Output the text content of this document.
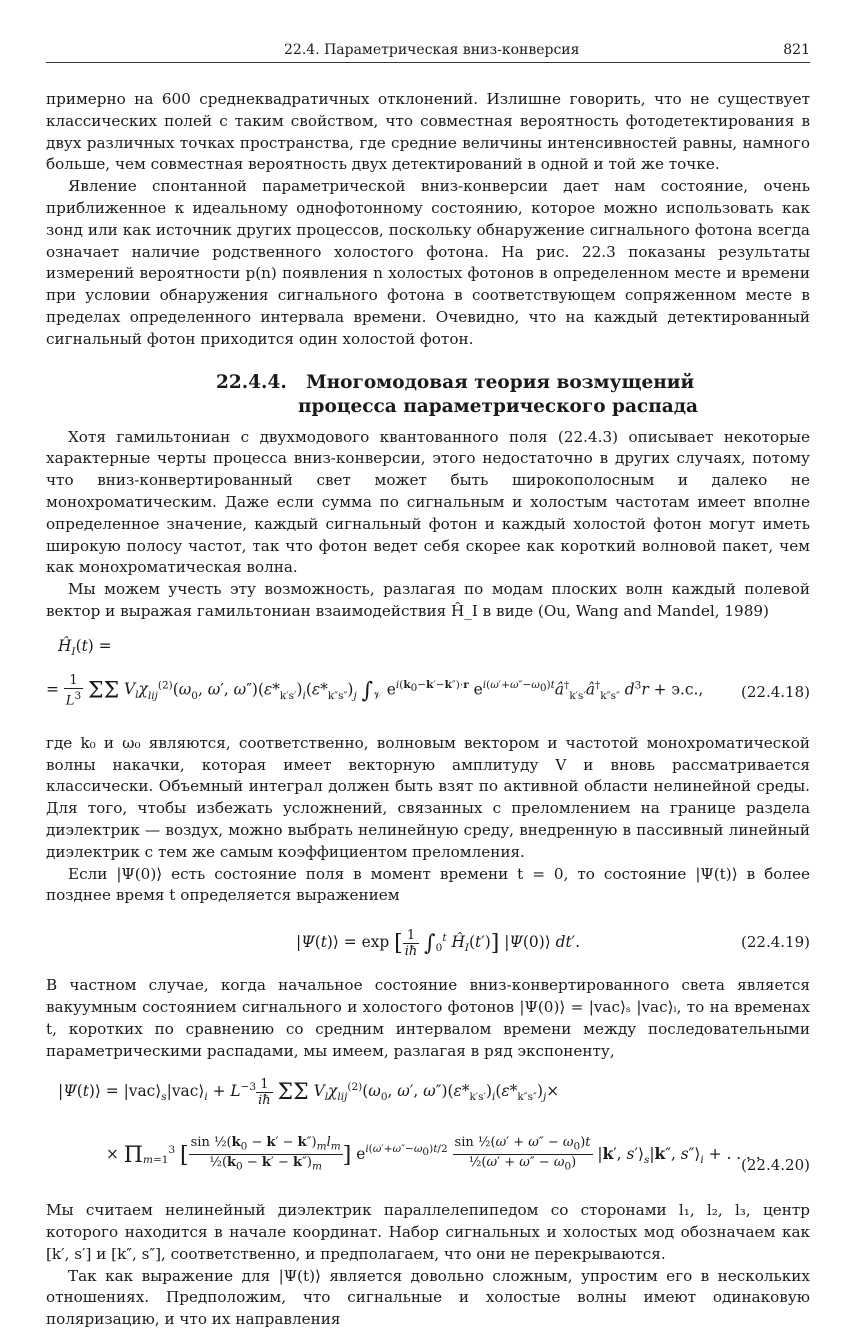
22.4. Параметрическая вниз-конверсия	821

примерно на 600 среднеквадратичных отклонений. Излишне говорить, что не существует классических полей с таким свойством, что совместная вероятность фотодетектирования в двух различных точках пространства, где средние величины интенсивностей равны, намного больше, чем совместная вероятность двух детектирований в одной и той же точке.

Явление спонтанной параметрической вниз-конверсии дает нам состояние, очень приближенное к идеальному однофотонному состоянию, которое можно использовать как зонд или как источник других процессов, поскольку обнаружение сигнального фотона всегда означает наличие родственного холостого фотона. На рис. 22.3 показаны результаты измерений вероятности p(n) появления n холостых фотонов в определенном месте и времени при условии обнаружения сигнального фотона в соответствующем сопряженном месте в пределах определенного интервала времени. Очевидно, что на каждый детектированный сигнальный фотон приходится один холостой фотон.

22.4.4. Многомодовая теория возмущений
процесса параметрического распада

Хотя гамильтониан с двухмодового квантованного поля (22.4.3) описывает некоторые характерные черты процесса вниз-конверсии, этого недостаточно в других случаях, потому что вниз-конвертированный свет может быть широкополосным и далеко не монохроматическим. Даже если сумма по сигнальным и холостым частотам имеет вполне определенное значение, каждый сигнальный фотон и каждый холостой фотон могут иметь широкую полосу частот, так что фотон ведет себя скорее как короткий волновой пакет, чем как монохроматическая волна.

Мы можем учесть эту возможность, разлагая по модам плоских волн каждый полевой вектор и выражая гамильтониан взаимодействия Ĥ_I в виде (Ou, Wang and Mandel, 1989)

$Ĥ_I(t)$ =
= $\frac{1}{L^3}$ ΣΣ $V_l\chi_{lij}^{(2)}(\omega_0$, ω′, $\omega'')(\varepsilon*_{k's'})_i(\varepsilon*_{k''s''})_j$ $\int_𝒱$ $e^{i(k_0-k'-k'')\cdot r}$ $e^{i(\omega'+\omega''-\omega_0)t}â^\dagger_{k's'}â^\dagger_{k''s''}$ $d^3r + э.с$.,	(22.4.18)

где k₀ и ω₀ являются, соответственно, волновым вектором и частотой монохроматической волны накачки, которая имеет векторную амплитуду V и вновь рассматривается классически. Объемный интеграл должен быть взят по активной области нелинейной среды. Для того, чтобы избежать усложнений, связанных с преломлением на границе раздела диэлектрик — воздух, можно выбрать нелинейную среду, внедренную в пассивный линейный диэлектрик с тем же самым коэффициентом преломления.

Если |Ψ(0)⟩ есть состояние поля в момент времени t = 0, то состояние |Ψ(t)⟩ в более позднее время t определяется выражением

|Ψ(t)⟩ = exp [ $\frac{1}{iħ} \int_0^t$ $Ĥ_I(t')$] |Ψ(0)⟩ dt′.	(22.4.19)

В частном случае, когда начальное состояние вниз-конвертированного света является вакуумным состоянием сигнального и холостого фотонов |Ψ(0)⟩ = |vac⟩ₛ |vac⟩ᵢ, то на временах t, коротких по сравнению со средним интервалом времени между последовательными параметрическими распадами, мы имеем, разлагая в ряд экспоненту,

|Ψ(t)⟩ = $|vac⟩_s|vac⟩_i + L^{-3} \frac{1}{iħ}$ ΣΣ $V_l\chi_{lij}^{(2)}(\omega_0$, ω′, $\omega'')(\varepsilon*_{k's'})_i(\varepsilon*_{k''s''})_j\times$
× $\Pi_{m=1}^3$ [ $\frac{\sin \frac{1}{2}(k_0 - k' - k'')_ml_m}{\frac{1}{2}(k_0 - k' - k'')_m}$ ] $e^{i(\omega'+\omega''-\omega_0)t/2} \frac{\sin \frac{1}{2}(\omega' + \omega'' - \omega_0)t}{\frac{1}{2}(\omega' + \omega'' - \omega_0)} |k'$, $s'⟩_s|k''$, $s''⟩_i$ + . . . .
(22.4.20)

Мы считаем нелинейный диэлектрик параллелепипедом со сторонами l₁, l₂, l₃, центр которого находится в начале координат. Набор сигнальных и холостых мод обозначаем как [k′, s′] и [k″, s″], соответственно, и предполагаем, что они не перекрываются.

Так как выражение для |Ψ(t)⟩ является довольно сложным, упростим его в нескольких отношениях. Предположим, что сигнальные и холостые волны имеют одинаковую поляризацию, и что их направления
